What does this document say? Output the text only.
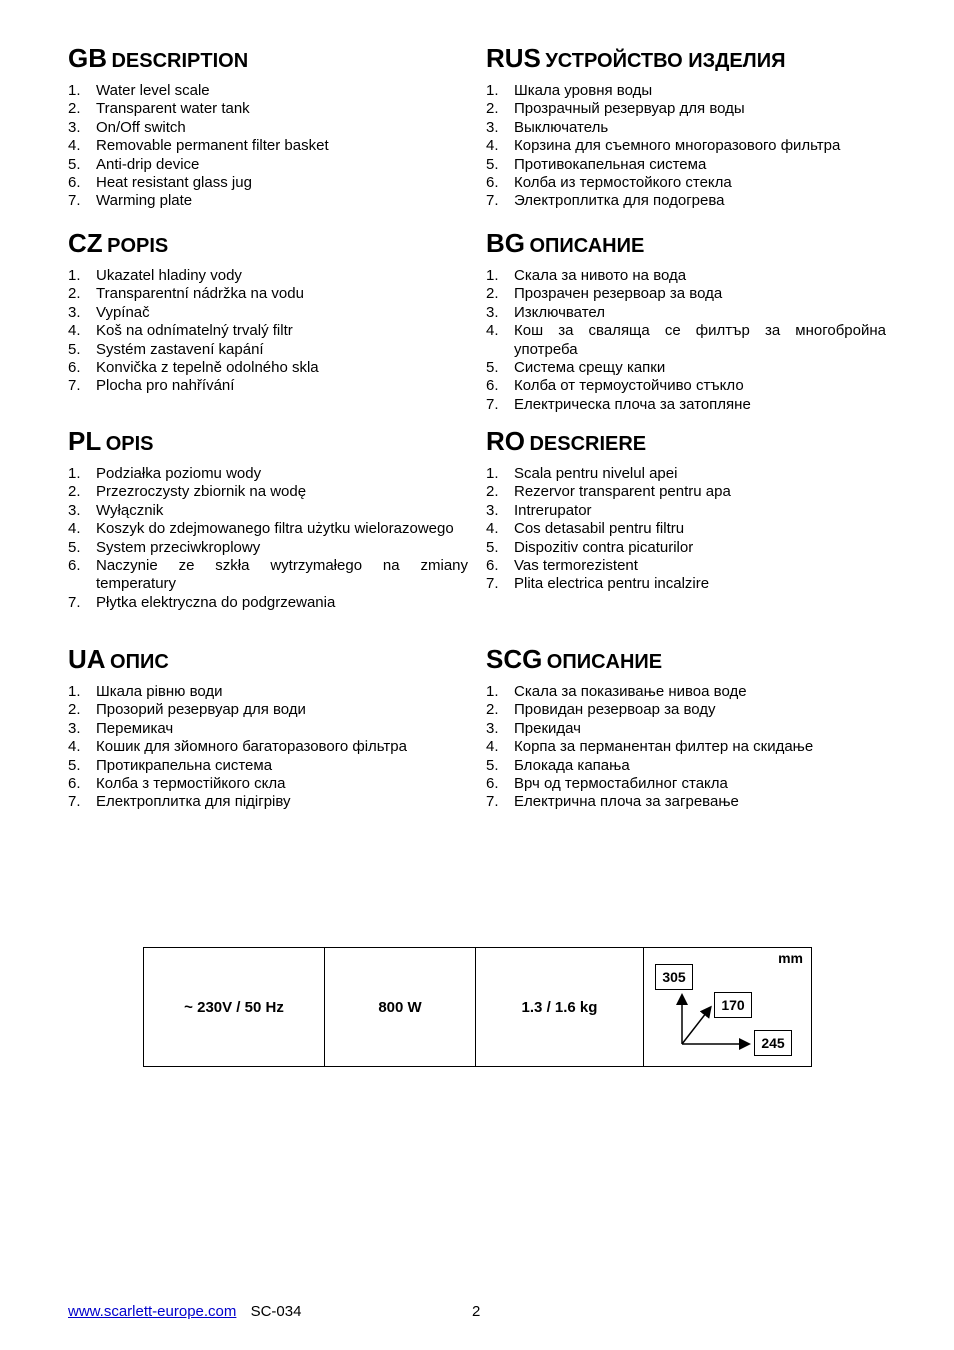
GB DESCRIPTION
1.	Water level scale
2.	Transparent water tank
3.	On/Off switch
4.	Removable permanent filter basket
5.	Anti-drip device
6.	Heat resistant glass jug
7.	Warming plate
RUS УСТРОЙСТВО ИЗДЕЛИЯ
1.	Шкала уровня воды
2.	Прозрачный резервуар для воды
3.	Выключатель
4.	Корзина для съемного многоразового фильтра
5.	Противокапельная система
6.	Колба из термостойкого стекла
7.	Электроплитка для подогрева
CZ POPIS
1.	Ukazatel hladiny vody
2.	Transparentní nádržka na vodu
3.	Vypínač
4.	Koš na odnímatelný trvalý filtr
5.	Systém zastavení kapání
6.	Konvička z tepelně odolného skla
7.	Plocha pro nahřívání
BG ОПИСАНИЕ
1.	Скала за нивото на вода
2.	Прозрачен резервоар за вода
3.	Изключвател
4.	Кош за сваляща се филтър за многобройна употреба
5.	Система срещу капки
6.	Колба от термоустойчиво стъкло
7.	Електрическа плоча за затопляне
PL OPIS
1.	Podziałka poziomu wody
2.	Przezroczysty zbiornik na wodę
3.	Wyłącznik
4.	Koszyk do zdejmowanego filtra użytku wielorazowego
5.	System przeciwkroplowy
6.	Naczynie ze szkła wytrzymałego na zmiany temperatury
7.	Płytka elektryczna do podgrzewania
RO DESCRIERE
1.	Scala pentru nivelul apei
2.	Rezervor transparent pentru apa
3.	Intrerupator
4.	Cos detasabil pentru filtru
5.	Dispozitiv contra picaturilor
6.	Vas termorezistent
7.	Plita electrica pentru incalzire
UA ОПИС
1.	Шкала рівню води
2.	Прозорий резервуар для води
3.	Перемикач
4.	Кошик для зйомного багаторазового фільтра
5.	Протикрапельна система
6.	Колба з термостійкого скла
7.	Електроплитка для підігріву
SCG ОПИCАНИЕ
1.	Скала за показивање нивоа воде
2.	Провидан резервоар за воду
3.	Прекидач
4.	Корпа за перманентан филтер на скидање
5.	Блокада капања
6.	Врч од термостабилног стакла
7.	Електрична плоча за загревање
~ 230V / 50 Hz	800 W	1.3 / 1.6 kg	
mm
305
170
245
www.scarlett-europe.com SC-034	2
